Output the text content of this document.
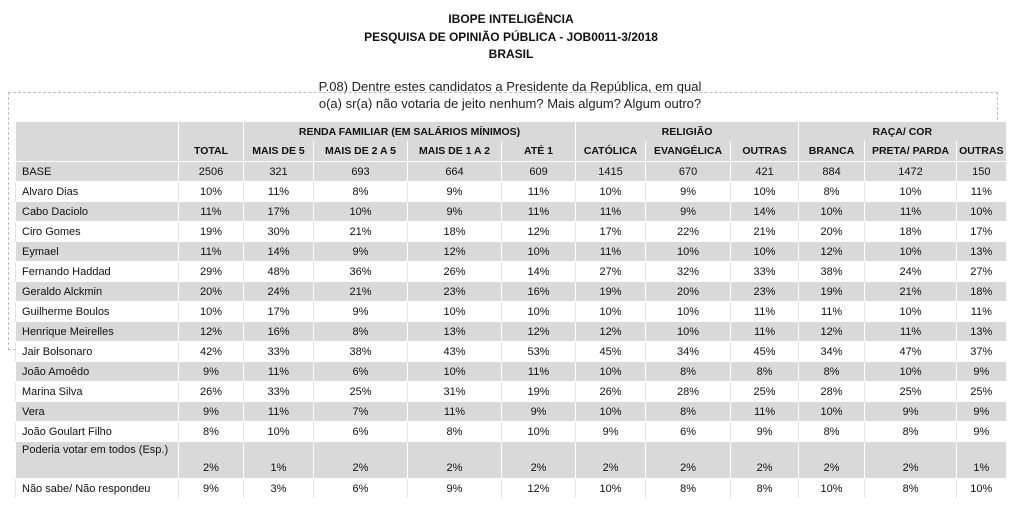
IBOPE INTELIGÊNCIA
PESQUISA DE OPINIÃO PÚBLICA - JOB0011-3/2018
BRASIL
P.08) Dentre estes candidatos a Presidente da República, em qual
o(a) sr(a) não votaria de jeito nenhum? Mais algum? Algum outro?
		RENDA FAMILIAR (EM SALÁRIOS MÍNIMOS)				RELIGIÃO			RAÇA/ COR		
	TOTAL	MAIS DE 5	MAIS DE 2 A 5	MAIS DE 1 A 2	ATÉ 1	CATÓLICA	EVANGÉLICA	OUTRAS	BRANCA	PRETA/ PARDA	OUTRAS
BASE	2506	321	693	664	609	1415	670	421	884	1472	150
Alvaro Dias	10%	11%	8%	9%	11%	10%	9%	10%	8%	10%	11%
Cabo Daciolo	11%	17%	10%	9%	11%	11%	9%	14%	10%	11%	10%
Ciro Gomes	19%	30%	21%	18%	12%	17%	22%	21%	20%	18%	17%
Eymael	11%	14%	9%	12%	10%	11%	10%	10%	12%	10%	13%
Fernando Haddad	29%	48%	36%	26%	14%	27%	32%	33%	38%	24%	27%
Geraldo Alckmin	20%	24%	21%	23%	16%	19%	20%	23%	19%	21%	18%
Guilherme Boulos	10%	17%	9%	10%	10%	10%	10%	11%	11%	10%	11%
Henrique Meirelles	12%	16%	8%	13%	12%	12%	10%	11%	12%	11%	13%
Jair Bolsonaro	42%	33%	38%	43%	53%	45%	34%	45%	34%	47%	37%
João Amoêdo	9%	11%	6%	10%	11%	10%	8%	8%	8%	10%	9%
Marina Silva	26%	33%	25%	31%	19%	26%	28%	25%	28%	25%	25%
Vera	9%	11%	7%	11%	9%	10%	8%	11%	10%	9%	9%
João Goulart Filho	8%	10%	6%	8%	10%	9%	6%	9%	8%	8%	9%
Poderia votar em todos (Esp.)	2%	1%	2%	2%	2%	2%	2%	2%	2%	2%	1%
Não sabe/ Não respondeu	9%	3%	6%	9%	12%	10%	8%	8%	10%	8%	10%
